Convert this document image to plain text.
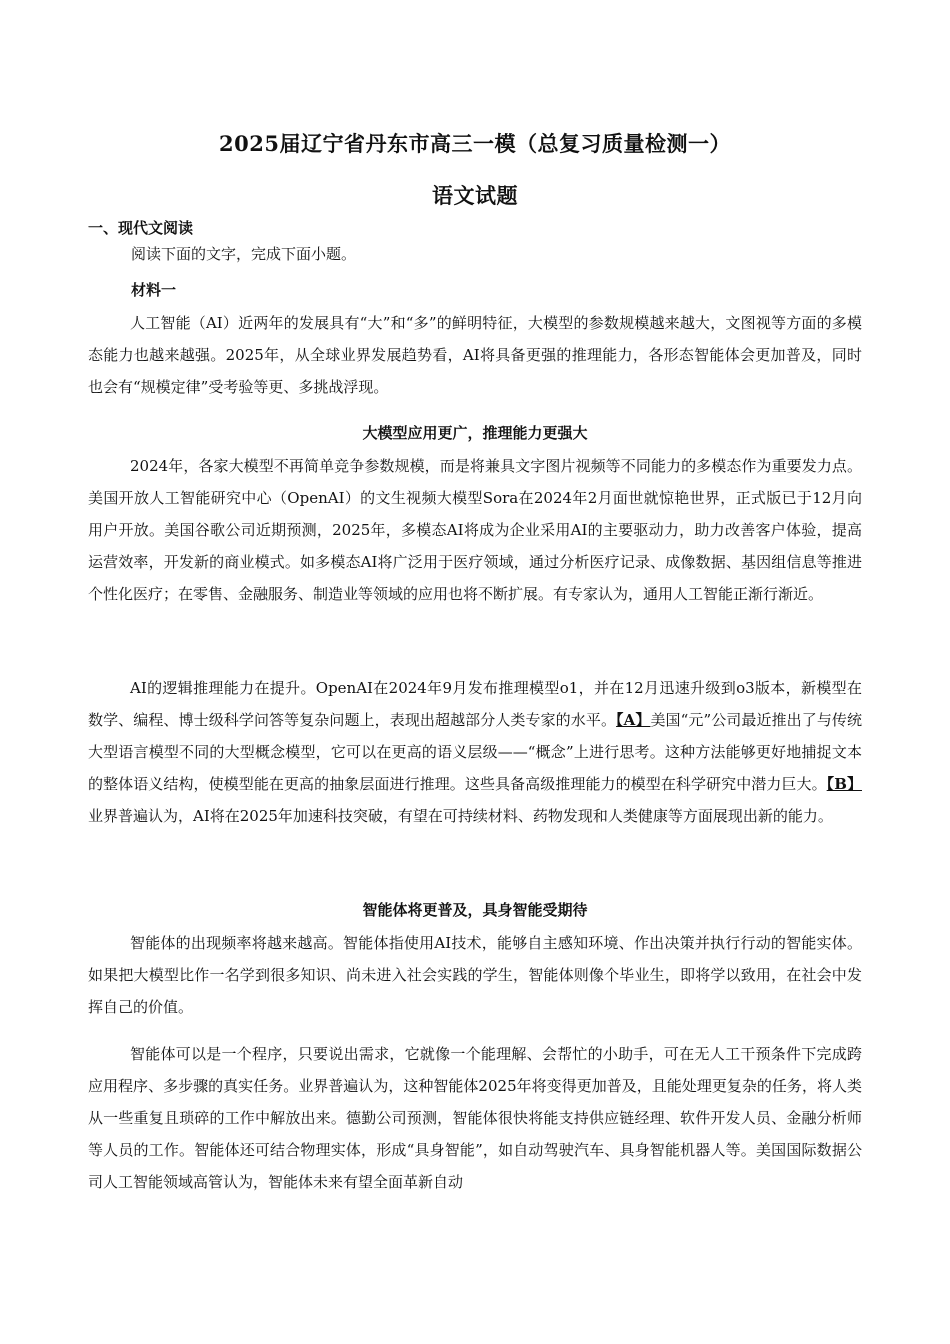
2025届辽宁省丹东市高三一模（总复习质量检测一）
语文试题
一、现代文阅读
阅读下面的文字，完成下面小题。
材料一

人工智能（AI）近两年的发展具有“大”和“多”的鲜明特征，大模型的参数规模越来越大，文图视等方面的多模态能力也越来越强。2025年，从全球业界发展趋势看，AI将具备更强的推理能力，各形态智能体会更加普及，同时也会有“规模定律”受考验等更、多挑战浮现。

大模型应用更广，推理能力更强大

2024年，各家大模型不再简单竞争参数规模，而是将兼具文字图片视频等不同能力的多模态作为重要发力点。美国开放人工智能研究中心（OpenAI）的文生视频大模型Sora在2024年2月面世就惊艳世界，正式版已于12月向用户开放。美国谷歌公司近期预测，2025年，多模态AI将成为企业采用AI的主要驱动力，助力改善客户体验，提高运营效率，开发新的商业模式。如多模态AI将广泛用于医疗领域，通过分析医疗记录、成像数据、基因组信息等推进个性化医疗；在零售、金融服务、制造业等领域的应用也将不断扩展。有专家认为，通用人工智能正渐行渐近。

AI的逻辑推理能力在提升。OpenAI在2024年9月发布推理模型o1，并在12月迅速升级到o3版本，新模型在数学、编程、博士级科学问答等复杂问题上，表现出超越部分人类专家的水平。【A】美国“元”公司最近推出了与传统大型语言模型不同的大型概念模型，它可以在更高的语义层级——“概念”上进行思考。这种方法能够更好地捕捉文本的整体语义结构，使模型能在更高的抽象层面进行推理。这些具备高级推理能力的模型在科学研究中潜力巨大。【B】业界普遍认为，AI将在2025年加速科技突破，有望在可持续材料、药物发现和人类健康等方面展现出新的能力。

智能体将更普及，具身智能受期待

智能体的出现频率将越来越高。智能体指使用AI技术，能够自主感知环境、作出决策并执行行动的智能实体。如果把大模型比作一名学到很多知识、尚未进入社会实践的学生，智能体则像个毕业生，即将学以致用，在社会中发挥自己的价值。

智能体可以是一个程序，只要说出需求，它就像一个能理解、会帮忙的小助手，可在无人工干预条件下完成跨应用程序、多步骤的真实任务。业界普遍认为，这种智能体2025年将变得更加普及，且能处理更复杂的任务，将人类从一些重复且琐碎的工作中解放出来。德勤公司预测，智能体很快将能支持供应链经理、软件开发人员、金融分析师等人员的工作。智能体还可结合物理实体，形成“具身智能”，如自动驾驶汽车、具身智能机器人等。美国国际数据公司人工智能领域高管认为，智能体未来有望全面革新自动
